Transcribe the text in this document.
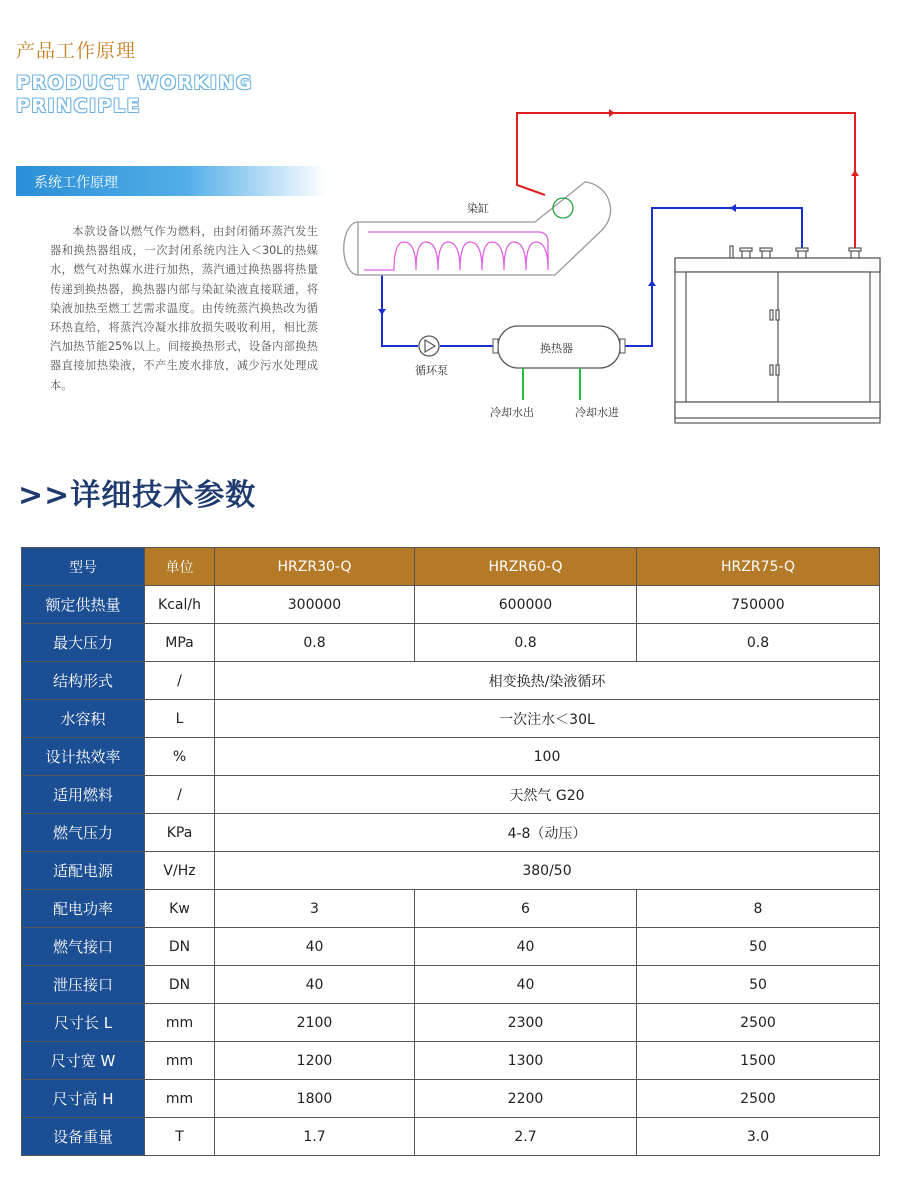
产品工作原理
PRODUCT WORKING
PRINCIPLE
系统工作原理
本款设备以燃气作为燃料，由封闭循环蒸汽发生器和换热器组成，一次封闭系统内注入＜30L的热媒水，燃气对热媒水进行加热，蒸汽通过换热器将热量传递到换热器，换热器内部与染缸染液直接联通，将染液加热至燃工艺需求温度。由传统蒸汽换热改为循环热直给，将蒸汽冷凝水排放损失吸收利用，相比蒸汽加热节能25%以上。间接换热形式，设备内部换热器直接加热染液，不产生废水排放，减少污水处理成本。
染缸
循环泵
换热器
冷却水出	冷却水进
>>详细技术参数
型号	单位	HRZR30-Q	HRZR60-Q	HRZR75-Q
额定供热量	Kcal/h	300000	600000	750000
最大压力	MPa	0.8	0.8	0.8
结构形式	/	相变换热/染液循环		
水容积	L	一次注水＜30L		
设计热效率	%	100		
适用燃料	/	天然气 G20		
燃气压力	KPa	4-8（动压）		
适配电源	V/Hz	380/50		
配电功率	Kw	3	6	8
燃气接口	DN	40	40	50
泄压接口	DN	40	40	50
尺寸长 L	mm	2100	2300	2500
尺寸宽 W	mm	1200	1300	1500
尺寸高 H	mm	1800	2200	2500
设备重量	T	1.7	2.7	3.0
